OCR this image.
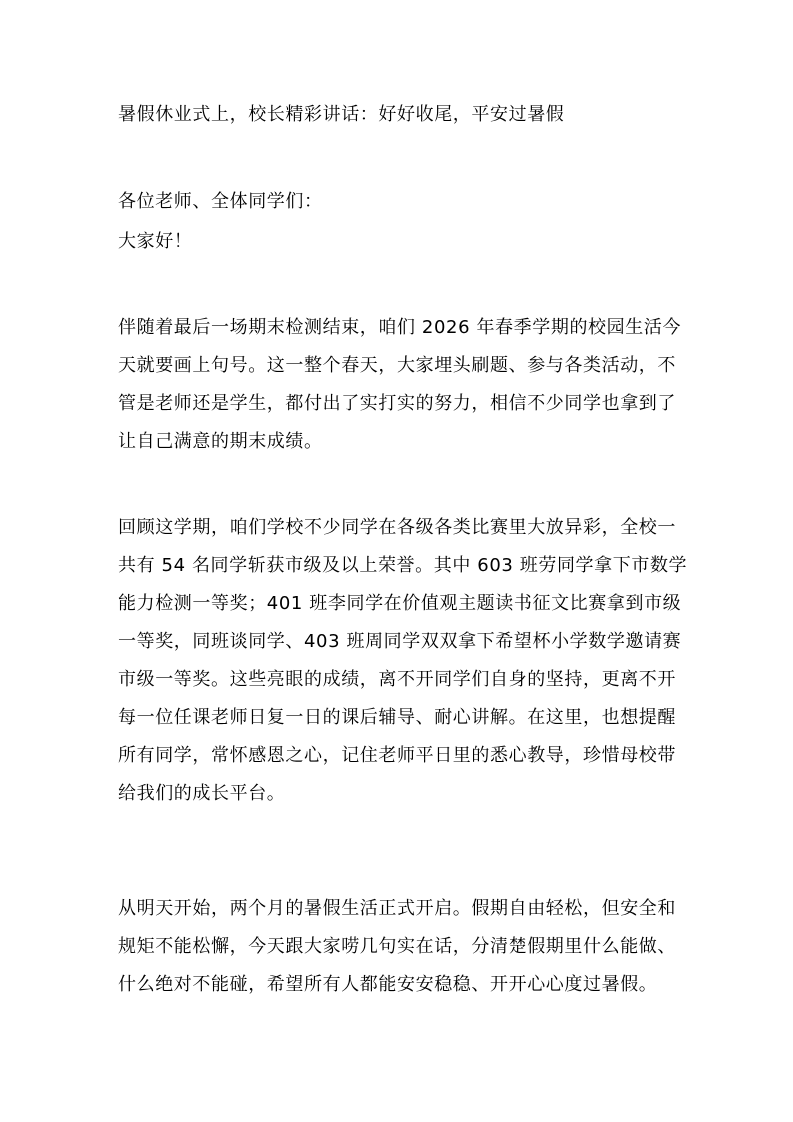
暑假休业式上，校长精彩讲话：好好收尾，平安过暑假

各位老师、全体同学们：

大家好！

伴随着最后一场期末检测结束，咱们 2026 年春季学期的校园生活今
天就要画上句号。这一整个春天，大家埋头刷题、参与各类活动，不
管是老师还是学生，都付出了实打实的努力，相信不少同学也拿到了
让自己满意的期末成绩。
回顾这学期，咱们学校不少同学在各级各类比赛里大放异彩，全校一
共有 54 名同学斩获市级及以上荣誉。其中 603 班劳同学拿下市数学
能力检测一等奖；401 班李同学在价值观主题读书征文比赛拿到市级
一等奖，同班谈同学、403 班周同学双双拿下希望杯小学数学邀请赛
市级一等奖。这些亮眼的成绩，离不开同学们自身的坚持，更离不开
每一位任课老师日复一日的课后辅导、耐心讲解。在这里，也想提醒
所有同学，常怀感恩之心，记住老师平日里的悉心教导，珍惜母校带
给我们的成长平台。
从明天开始，两个月的暑假生活正式开启。假期自由轻松，但安全和
规矩不能松懈，今天跟大家唠几句实在话，分清楚假期里什么能做、
什么绝对不能碰，希望所有人都能安安稳稳、开开心心度过暑假。
